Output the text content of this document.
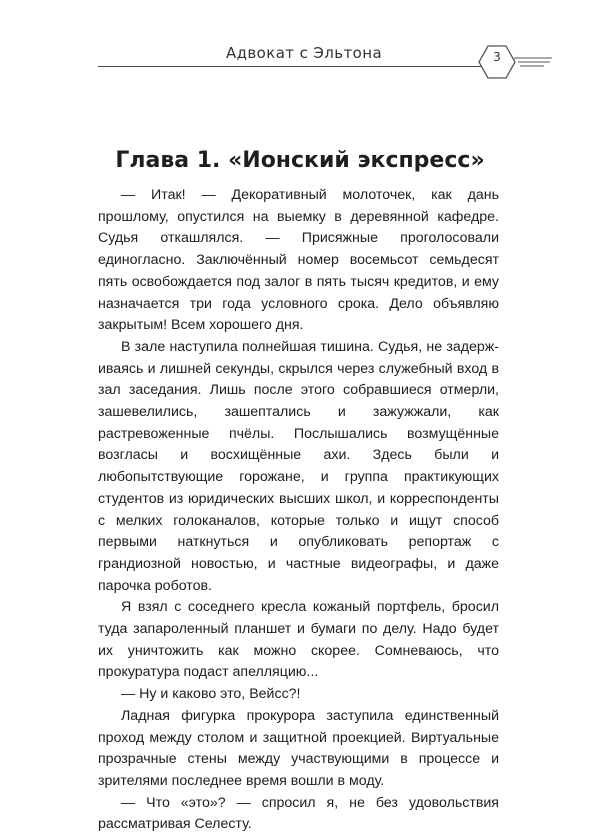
Адвокат с Эльтона	3
Глава 1. «Ионский экспресс»

— Итак! — Декоративный молоточек, как дань прошлому, опустился на выемку в деревянной кафедре. Судья откашлялся. — Присяжные проголосовали единогласно. Заключённый номер восемьсот семьдесят пять освобождается под залог в пять тысяч кредитов, и ему назначается три года условного срока. Дело объявляю закрытым! Всем хорошего дня.

В зале наступила полнейшая тишина. Судья, не задерживаясь и лишней секунды, скрылся через служебный вход в зал заседания. Лишь после этого собравшиеся отмерли, зашевелились, зашептались и зажужжали, как растревоженные пчёлы. Послышались возмущённые возгласы и восхищённые ахи. Здесь были и любопытствующие горожане, и группа практикующих студентов из юридических высших школ, и корреспонденты с мелких голоканалов, которые только и ищут способ первыми наткнуться и опубликовать репортаж с грандиозной новостью, и частные видеографы, и даже парочка роботов.

Я взял с соседнего кресла кожаный портфель, бросил туда запароленный планшет и бумаги по делу. Надо будет их уничтожить как можно скорее. Сомневаюсь, что прокуратура подаст апелляцию...

— Ну и каково это, Вейсс?!

Ладная фигурка прокурора заступила единственный проход между столом и защитной проекцией. Виртуальные прозрачные стены между участвующими в процессе и зрителями последнее время вошли в моду.

— Что «это»? — спросил я, не без удовольствия рассматривая Селесту.
